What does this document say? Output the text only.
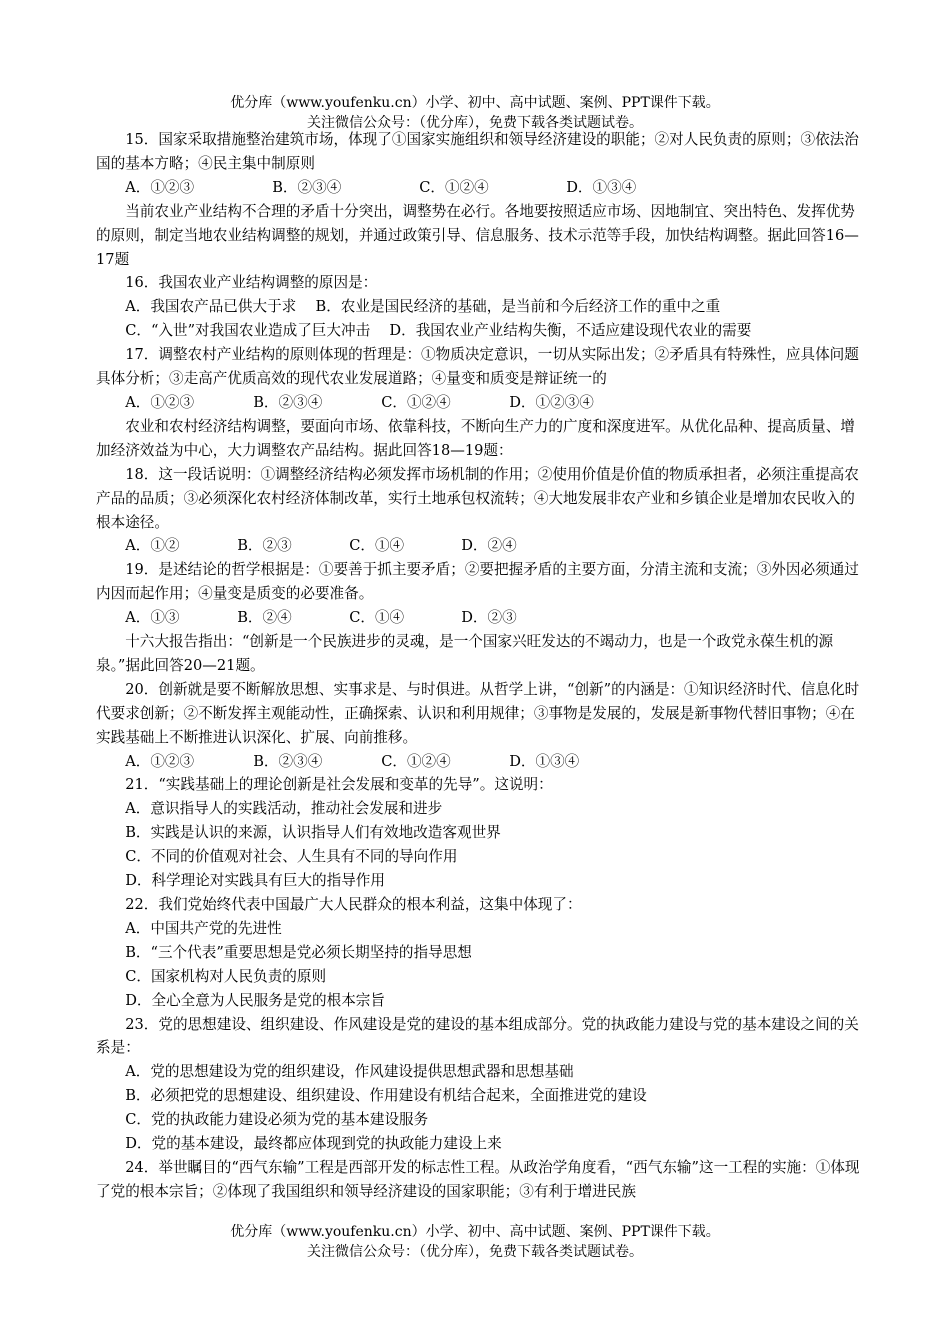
优分库（www.youfenku.cn）小学、初中、高中试题、案例、PPT课件下载。
关注微信公众号：（优分库），免费下载各类试题试卷。

15．国家采取措施整治建筑市场，体现了①国家实施组织和领导经济建设的职能；②对人民负责的原则；③依法治国的基本方略；④民主集中制原则

A．①②③	B．②③④	C．①②④	D．①③④

当前农业产业结构不合理的矛盾十分突出，调整势在必行。各地要按照适应市场、因地制宜、突出特色、发挥优势的原则，制定当地农业结构调整的规划，并通过政策引导、信息服务、技术示范等手段，加快结构调整。据此回答16—17题

16．我国农业产业结构调整的原因是：

A．我国农产品已供大于求　 B．农业是国民经济的基础，是当前和今后经济工作的重中之重

C．“入世”对我国农业造成了巨大冲击　 D．我国农业产业结构失衡，不适应建设现代农业的需要

17．调整农村产业结构的原则体现的哲理是：①物质决定意识，一切从实际出发；②矛盾具有特殊性，应具体问题具体分析；③走高产优质高效的现代农业发展道路；④量变和质变是辩证统一的

A．①②③	B．②③④	C．①②④	D．①②③④

农业和农村经济结构调整，要面向市场、依靠科技，不断向生产力的广度和深度进军。从优化品种、提高质量、增加经济效益为中心，大力调整农产品结构。据此回答18—19题：

18．这一段话说明：①调整经济结构必须发挥市场机制的作用；②使用价值是价值的物质承担者，必须注重提高农产品的品质；③必须深化农村经济体制改革，实行土地承包权流转；④大地发展非农产业和乡镇企业是增加农民收入的根本途径。

A．①②	B．②③	C．①④	D．②④

19．是述结论的哲学根据是：①要善于抓主要矛盾；②要把握矛盾的主要方面，分清主流和支流；③外因必须通过内因而起作用；④量变是质变的必要准备。

A．①③	B．②④	C．①④	D．②③

十六大报告指出：“创新是一个民族进步的灵魂，是一个国家兴旺发达的不竭动力，也是一个政党永葆生机的源泉。”据此回答20—21题。

20．创新就是要不断解放思想、实事求是、与时俱进。从哲学上讲，“创新”的内涵是：①知识经济时代、信息化时代要求创新；②不断发挥主观能动性，正确探索、认识和利用规律；③事物是发展的，发展是新事物代替旧事物；④在实践基础上不断推进认识深化、扩展、向前推移。

A．①②③	B．②③④	C．①②④	D．①③④

21．“实践基础上的理论创新是社会发展和变革的先导”。这说明：

A．意识指导人的实践活动，推动社会发展和进步

B．实践是认识的来源，认识指导人们有效地改造客观世界

C．不同的价值观对社会、人生具有不同的导向作用

D．科学理论对实践具有巨大的指导作用

22．我们党始终代表中国最广大人民群众的根本利益，这集中体现了：

A．中国共产党的先进性

B．“三个代表”重要思想是党必须长期坚持的指导思想

C．国家机构对人民负责的原则

D．全心全意为人民服务是党的根本宗旨

23．党的思想建设、组织建设、作风建设是党的建设的基本组成部分。党的执政能力建设与党的基本建设之间的关系是：

A．党的思想建设为党的组织建设，作风建设提供思想武器和思想基础

B．必须把党的思想建设、组织建设、作用建设有机结合起来，全面推进党的建设

C．党的执政能力建设必须为党的基本建设服务

D．党的基本建设，最终都应体现到党的执政能力建设上来

24．举世瞩目的“西气东输”工程是西部开发的标志性工程。从政治学角度看，“西气东输”这一工程的实施：①体现了党的根本宗旨；②体现了我国组织和领导经济建设的国家职能；③有利于增进民族

优分库（www.youfenku.cn）小学、初中、高中试题、案例、PPT课件下载。
关注微信公众号：（优分库），免费下载各类试题试卷。
